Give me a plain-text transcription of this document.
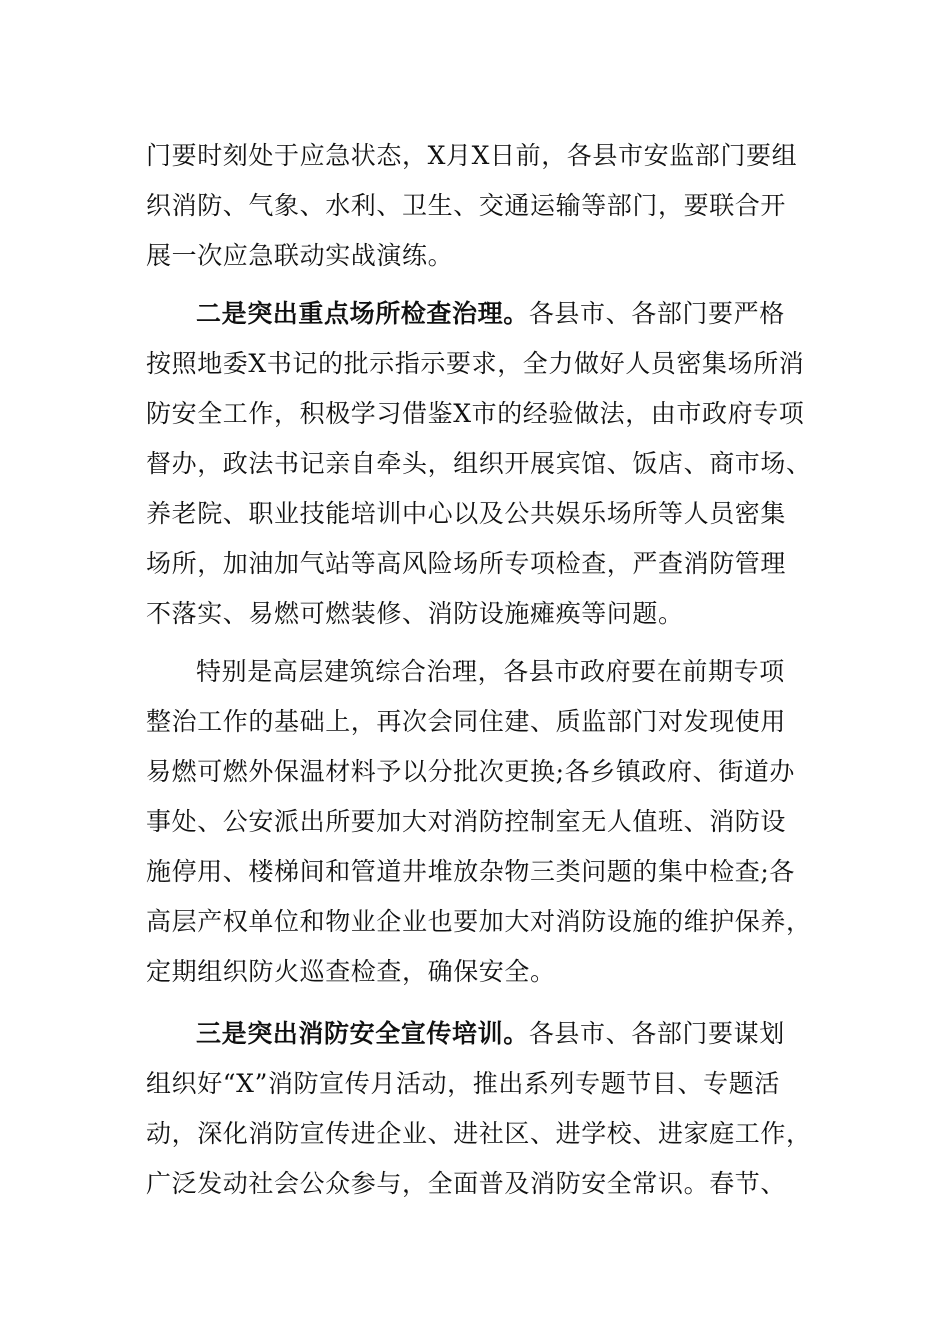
门要时刻处于应急状态，X月X日前，各县市安监部门要组
织消防、气象、水利、卫生、交通运输等部门，要联合开
展一次应急联动实战演练。
二是突出重点场所检查治理。各县市、各部门要严格
按照地委X书记的批示指示要求，全力做好人员密集场所消
防安全工作，积极学习借鉴X市的经验做法，由市政府专项
督办，政法书记亲自牵头，组织开展宾馆、饭店、商市场、
养老院、职业技能培训中心以及公共娱乐场所等人员密集
场所，加油加气站等高风险场所专项检查，严查消防管理
不落实、易燃可燃装修、消防设施瘫痪等问题。
特别是高层建筑综合治理，各县市政府要在前期专项
整治工作的基础上，再次会同住建、质监部门对发现使用
易燃可燃外保温材料予以分批次更换;各乡镇政府、街道办
事处、公安派出所要加大对消防控制室无人值班、消防设
施停用、楼梯间和管道井堆放杂物三类问题的集中检查;各
高层产权单位和物业企业也要加大对消防设施的维护保养，
定期组织防火巡查检查，确保安全。
三是突出消防安全宣传培训。各县市、各部门要谋划
组织好“X”消防宣传月活动，推出系列专题节目、专题活
动，深化消防宣传进企业、进社区、进学校、进家庭工作，
广泛发动社会公众参与，全面普及消防安全常识。春节、
